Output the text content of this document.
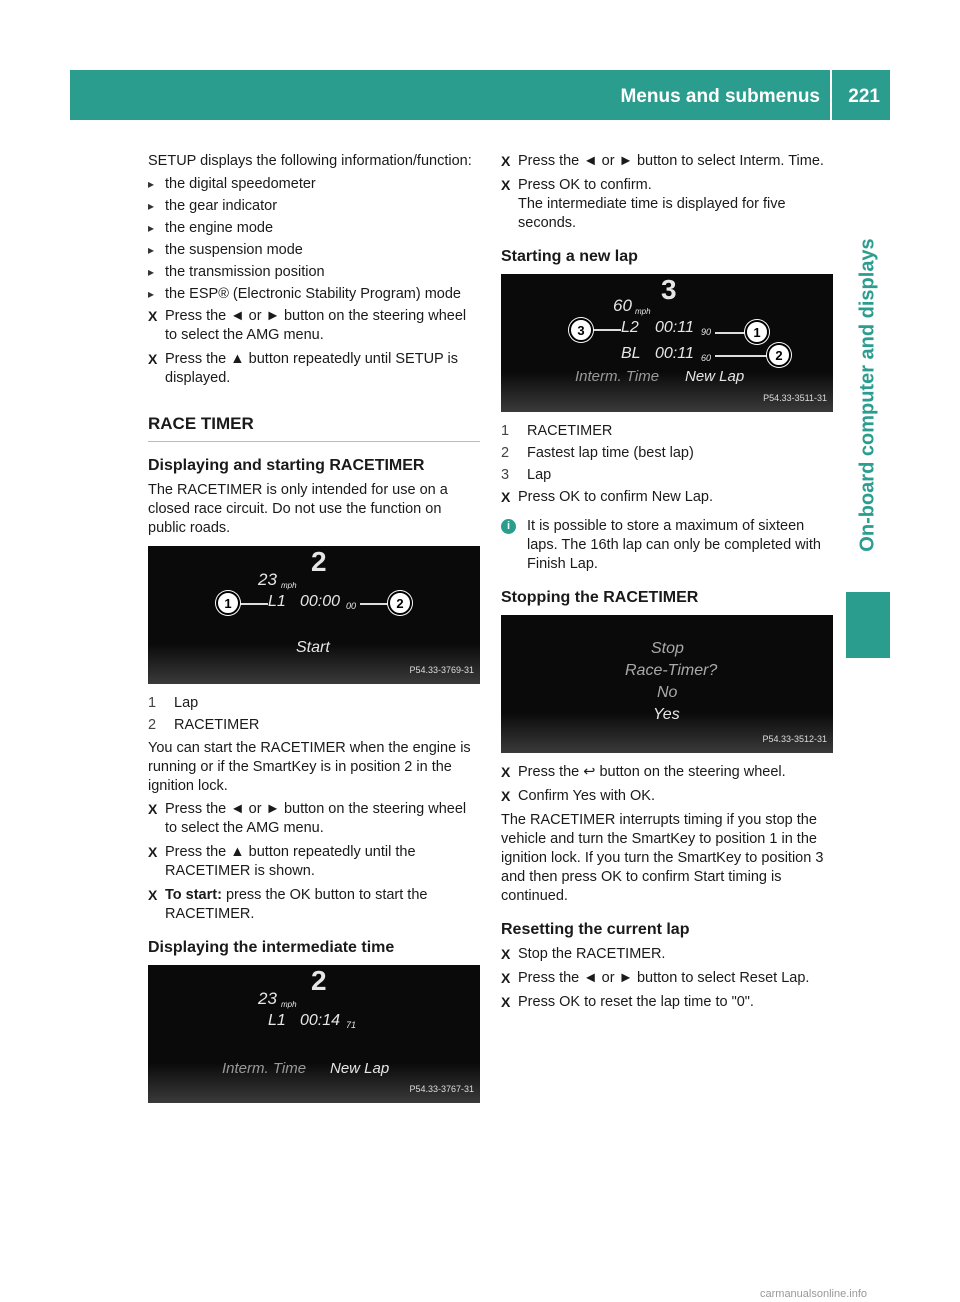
Menus and submenus 221
On-board computer and displays

SETUP displays the following information/function:

▸ the digital speedometer
▸ the gear indicator
▸ the engine mode
▸ the suspension mode
▸ the transmission position
▸ the ESP® (Electronic Stability Program) mode
X Press the ◄ or ► button on the steering wheel to select the AMG menu.
X Press the ▲ button repeatedly until SETUP is displayed.
RACE TIMER
Displaying and starting RACETIMER

The RACETIMER is only intended for use on a closed race circuit. Do not use the function on public roads.

23 mph
2
L1 00:00 00
Start
1	2
P54.33-3769-31
1 Lap
2 RACETIMER

You can start the RACETIMER when the engine is running or if the SmartKey is in position 2 in the ignition lock.

X Press the ◄ or ► button on the steering wheel to select the AMG menu.
X Press the ▲ button repeatedly until the RACETIMER is shown.
X To start: press the OK button to start the RACETIMER.
Displaying the intermediate time
23 mph
2
L1 00:14 71
Interm. Time New Lap
P54.33-3767-31
X Press the ◄ or ► button to select Interm. Time.
X Press OK to confirm.
The intermediate time is displayed for five seconds.
Starting a new lap
60 mph
3
L2 00:11 90
BL 00:11 60
Interm. Time New Lap
3	1
2
P54.33-3511-31
1 RACETIMER
2 Fastest lap time (best lap)
3 Lap
X Press OK to confirm New Lap.
i	It is possible to store a maximum of sixteen laps. The 16th lap can only be completed with Finish Lap.
Stopping the RACETIMER
Stop
Race-Timer?
No
Yes
P54.33-3512-31
X Press the ↩ button on the steering wheel.
X Confirm Yes with OK.

The RACETIMER interrupts timing if you stop the vehicle and turn the SmartKey to position 1 in the ignition lock. If you turn the SmartKey to position 3 and then press OK to confirm Start timing is continued.

Resetting the current lap
X Stop the RACETIMER.
X Press the ◄ or ► button to select Reset Lap.
X Press OK to reset the lap time to "0".
carmanualsonline.info
